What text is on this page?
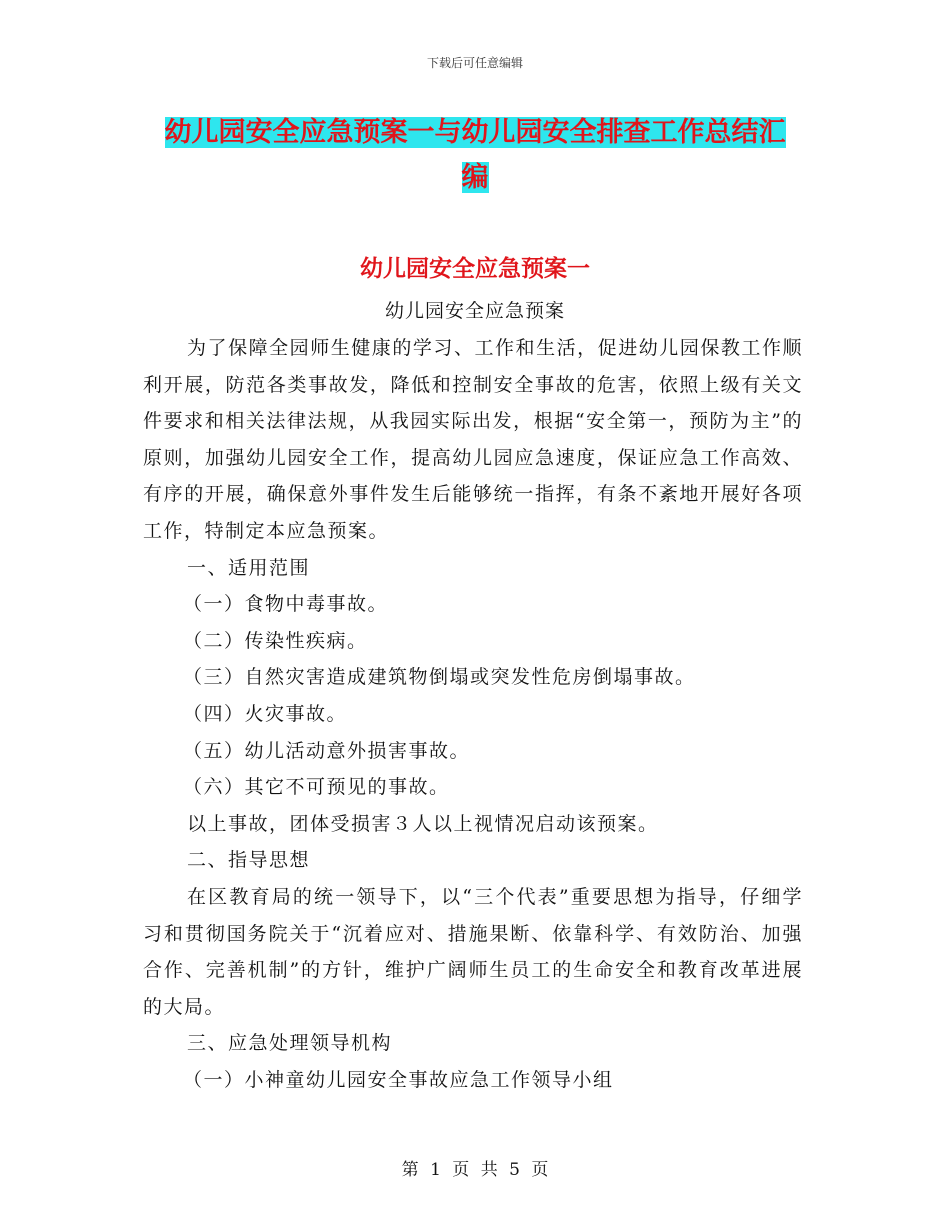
下载后可任意编辑
幼儿园安全应急预案一与幼儿园安全排查工作总结汇
编
幼儿园安全应急预案一
幼儿园安全应急预案

为了保障全园师生健康的学习、工作和生活，促进幼儿园保教工作顺利开展，防范各类事故发，降低和控制安全事故的危害，依照上级有关文件要求和相关法律法规，从我园实际出发，根据“安全第一，预防为主”的原则，加强幼儿园安全工作，提高幼儿园应急速度，保证应急工作高效、有序的开展，确保意外事件发生后能够统一指挥，有条不紊地开展好各项工作，特制定本应急预案。

一、适用范围

（一）食物中毒事故。

（二）传染性疾病。

（三）自然灾害造成建筑物倒塌或突发性危房倒塌事故。

（四）火灾事故。

（五）幼儿活动意外损害事故。

（六）其它不可预见的事故。

以上事故，团体受损害３人以上视情况启动该预案。

二、指导思想

在区教育局的统一领导下，以“三个代表”重要思想为指导，仔细学习和贯彻国务院关于“沉着应对、措施果断、依靠科学、有效防治、加强合作、完善机制”的方针，维护广阔师生员工的生命安全和教育改革进展的大局。

三、应急处理领导机构

（一）小神童幼儿园安全事故应急工作领导小组

第 1 页 共 5 页
